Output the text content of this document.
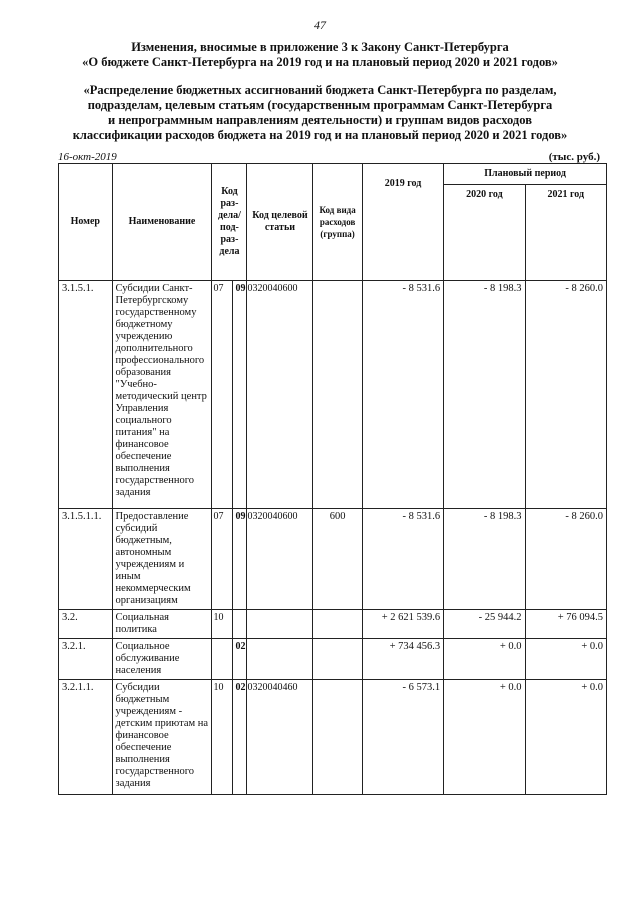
47
Изменения, вносимые в приложение 3 к Закону Санкт-Петербурга
«О бюджете Санкт-Петербурга на 2019 год и на плановый период 2020 и 2021 годов»
«Распределение бюджетных ассигнований бюджета Санкт-Петербурга по разделам,
подразделам, целевым статьям (государственным программам Санкт-Петербурга
и непрограммным направлениям деятельности) и группам видов расходов
классификации расходов бюджета на 2019 год и на плановый период 2020 и 2021 годов»
16-окт-2019	(тыс. руб.)
Номер	Наименование	Код раз-дела/ под-раз-дела		Код целевой статьи	Код вида расходов (группа)	2019 год	Плановый период	
							2020 год	2021 год
3.1.5.1.	Субсидии Санкт-Петербургскому государственному бюджетному учреждению дополнительного профессионального образования "Учебно-методический центр Управления социального питания" на финансовое обеспечение выполнения государственного задания	07	09	0320040600		- 8 531.6	- 8 198.3	- 8 260.0
3.1.5.1.1.	Предоставление субсидий бюджетным, автономным учреждениям и иным некоммерческим организациям	07	09	0320040600	600	- 8 531.6	- 8 198.3	- 8 260.0
3.2.	Социальная политика	10				+ 2 621 539.6	- 25 944.2	+ 76 094.5
3.2.1.	Социальное обслуживание населения		02			+ 734 456.3	+ 0.0	+ 0.0
3.2.1.1.	Субсидии бюджетным учреждениям - детским приютам на финансовое обеспечение выполнения государственного задания	10	02	0320040460		- 6 573.1	+ 0.0	+ 0.0
